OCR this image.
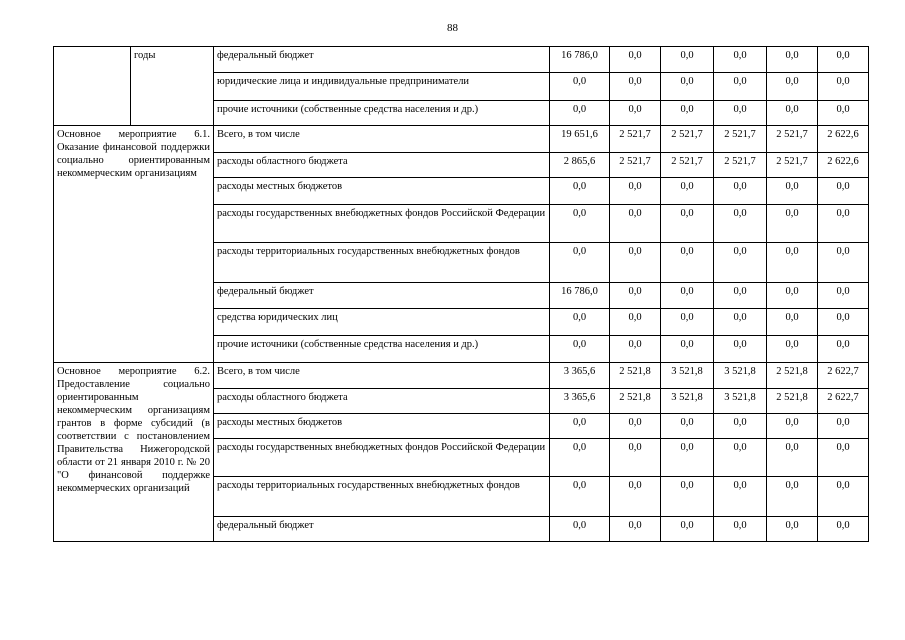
88
	годы	федеральный бюджет	16 786,0	0,0	0,0	0,0	0,0	0,0
		юридические лица и индивидуальные предприниматели	0,0	0,0	0,0	0,0	0,0	0,0
		прочие источники (собственные средства населения и др.)	0,0	0,0	0,0	0,0	0,0	0,0
Основное мероприятие 6.1. Оказание финансовой поддержки социально ориентированным некоммерческим организациям		Всего, в том числе	19 651,6	2 521,7	2 521,7	2 521,7	2 521,7	2 622,6
		расходы областного бюджета	2 865,6	2 521,7	2 521,7	2 521,7	2 521,7	2 622,6
		расходы местных бюджетов	0,0	0,0	0,0	0,0	0,0	0,0
		расходы государственных внебюджетных фондов Российской Федерации	0,0	0,0	0,0	0,0	0,0	0,0
		расходы территориальных государственных внебюджетных фондов	0,0	0,0	0,0	0,0	0,0	0,0
		федеральный бюджет	16 786,0	0,0	0,0	0,0	0,0	0,0
		средства юридических лиц	0,0	0,0	0,0	0,0	0,0	0,0
		прочие источники (собственные средства населения и др.)	0,0	0,0	0,0	0,0	0,0	0,0
Основное мероприятие 6.2. Предоставление социально ориентированным некоммерческим организациям грантов в форме субсидий (в соответствии с постановлением Правительства Нижегородской области от 21 января 2010 г. № 20 "О финансовой поддержке некоммерческих организаций		Всего, в том числе	3 365,6	2 521,8	3 521,8	3 521,8	2 521,8	2 622,7
		расходы областного бюджета	3 365,6	2 521,8	3 521,8	3 521,8	2 521,8	2 622,7
		расходы местных бюджетов	0,0	0,0	0,0	0,0	0,0	0,0
		расходы государственных внебюджетных фондов Российской Федерации	0,0	0,0	0,0	0,0	0,0	0,0
		расходы территориальных государственных внебюджетных фондов	0,0	0,0	0,0	0,0	0,0	0,0
		федеральный бюджет	0,0	0,0	0,0	0,0	0,0	0,0
